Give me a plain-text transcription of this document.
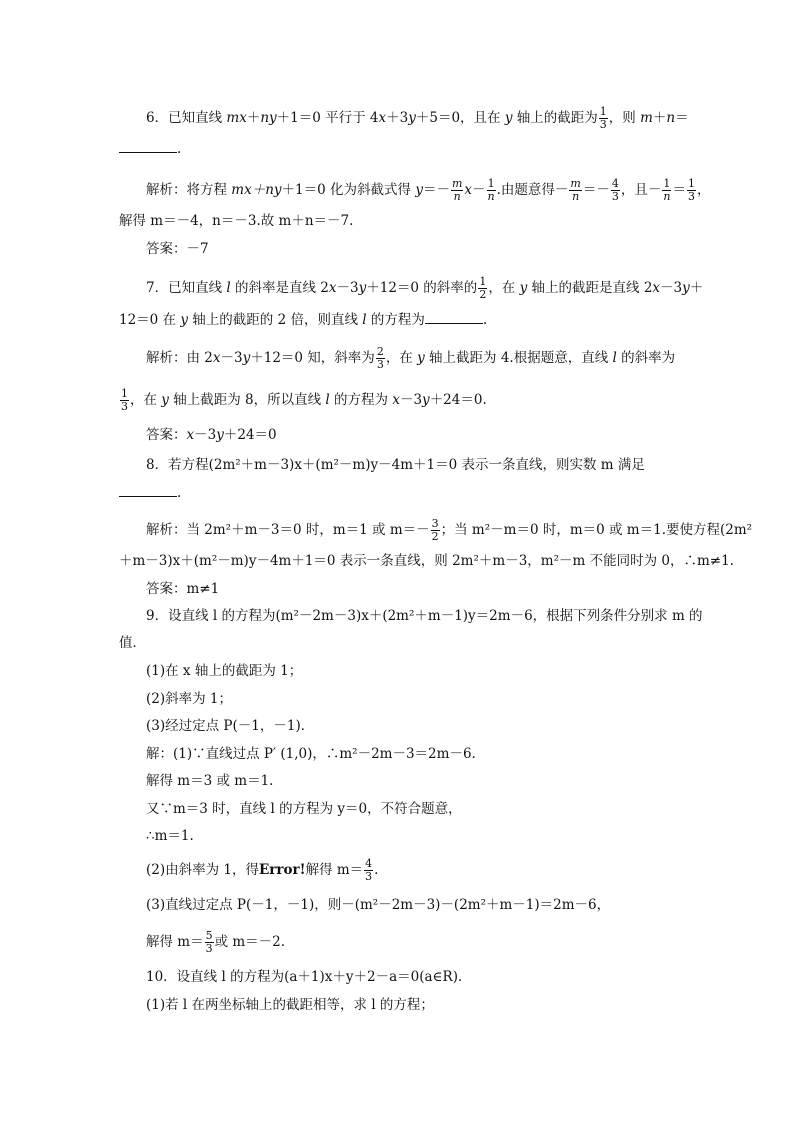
6．已知直线 mx＋ny＋1＝0 平行于 4x＋3y＋5＝0，且在 y 轴上的截距为 $\frac{1}{3}$ ，则 m＋n＝
.
解析：将方程 mx＋ny＋1＝0 化为斜截式得 $y=- \frac{m}{n} x- \frac{1}{n}$ .由题意得－ $\frac{m}{n} =- \frac{4}{3}$ ，且－ $\frac{1}{n} = \frac{1}{3}$ ，
解得 m＝－4，n＝－3.故 m＋n＝－7.
答案：－7
7．已知直线 l 的斜率是直线 2x－3y＋12＝0 的斜率的 $\frac{1}{2}$ ，在 y 轴上的截距是直线 2x－3y＋
12＝0 在 y 轴上的截距的 2 倍，则直线 l 的方程为	.
解析：由 2x－3y＋12＝0 知，斜率为 $\frac{2}{3}$ ，在 y 轴上截距为 4.根据题意，直线 l 的斜率为
$\frac{1}{3}$ ，在 y 轴上截距为 8，所以直线 l 的方程为 x－3y＋24＝0.
答案：x－3y＋24＝0
8．若方程(2m²＋m－3)x＋(m²－m)y－4m＋1＝0 表示一条直线，则实数 m 满足
.
解析：当 2m²＋m－3＝0 时，m＝1 或 $m=- \frac{3}{2}$ ；当 m²－m＝0 时，m＝0 或 m＝1.要使方程(2m²
＋m－3)x＋(m²－m)y－4m＋1＝0 表示一条直线，则 2m²＋m－3，m²－m 不能同时为 0，∴m≠1.
答案：m≠1
9．设直线 l 的方程为(m²－2m－3)x＋(2m²＋m－1)y＝2m－6，根据下列条件分别求 m 的
值．
(1)在 x 轴上的截距为 1；
(2)斜率为 1；
(3)经过定点 P(－1，－1)．
解：(1)∵直线过点 P′ (1,0)，∴m²－2m－3＝2m－6.
解得 m＝3 或 m＝1.
又∵m＝3 时，直线 l 的方程为 y＝0，不符合题意，
∴m＝1.
(2)由斜率为 1，得Error!解得 $m= \frac{4}{3}$ .
(3)直线过定点 P(－1，－1)，则－(m²－2m－3)－(2m²＋m－1)＝2m－6，
解得 $m= \frac{5}{3}$ 或 m＝－2.
10．设直线 l 的方程为(a＋1)x＋y＋2－a＝0(a∈R)．
(1)若 l 在两坐标轴上的截距相等，求 l 的方程；
